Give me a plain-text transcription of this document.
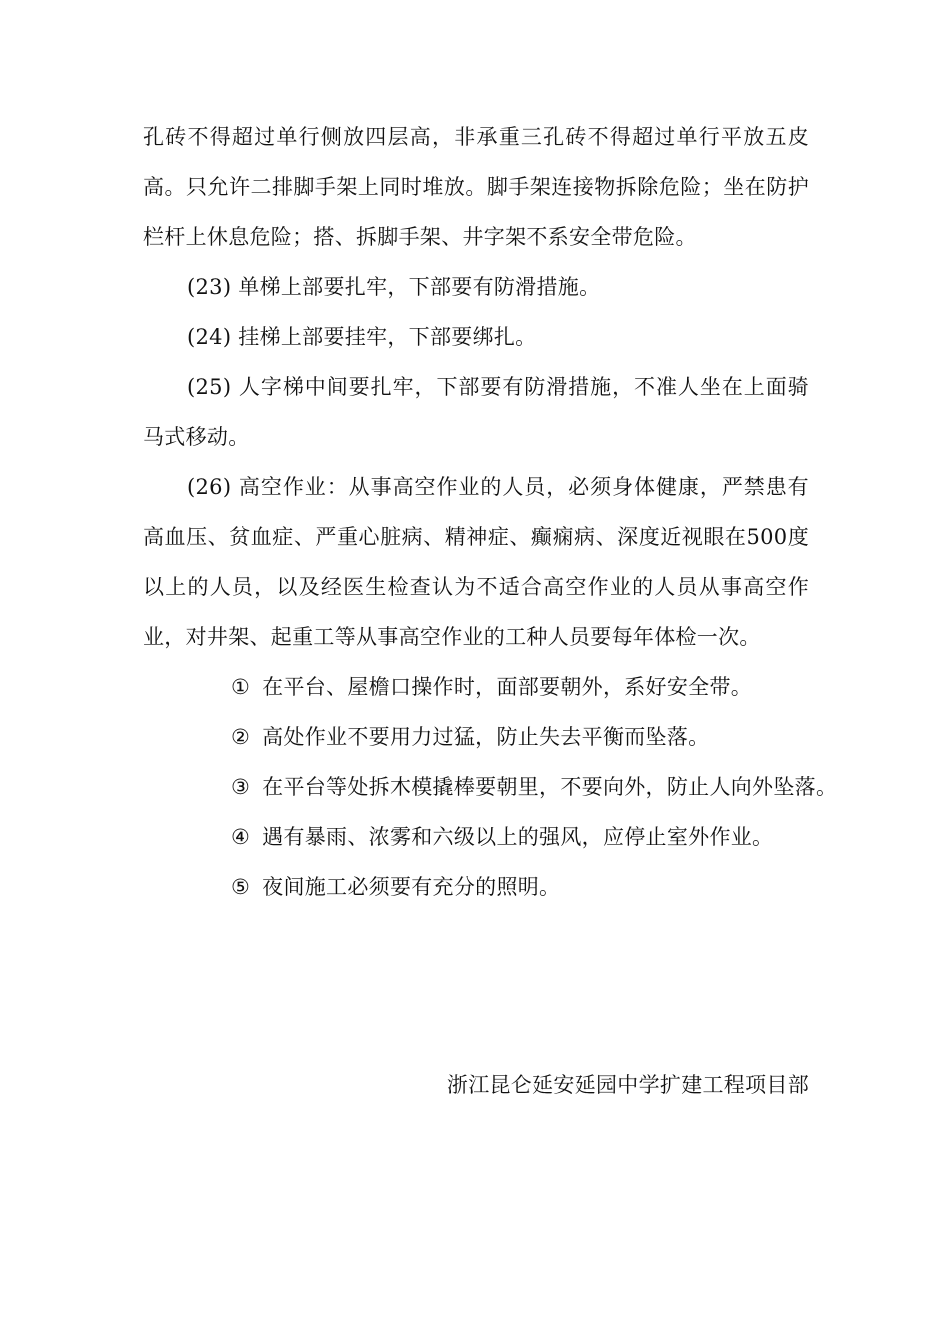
孔砖不得超过单行侧放四层高，非承重三孔砖不得超过单行平放五皮高。只允许二排脚手架上同时堆放。脚手架连接物拆除危险；坐在防护栏杆上休息危险；搭、拆脚手架、井字架不系安全带危险。

(23) 单梯上部要扎牢，下部要有防滑措施。

(24) 挂梯上部要挂牢，下部要绑扎。

(25) 人字梯中间要扎牢，下部要有防滑措施，不准人坐在上面骑马式移动。

(26) 高空作业：从事高空作业的人员，必须身体健康，严禁患有高血压、贫血症、严重心脏病、精神症、癫痫病、深度近视眼在500度以上的人员，以及经医生检查认为不适合高空作业的人员从事高空作业，对井架、起重工等从事高空作业的工种人员要每年体检一次。

① 在平台、屋檐口操作时，面部要朝外，系好安全带。

② 高处作业不要用力过猛，防止失去平衡而坠落。

③ 在平台等处拆木模撬棒要朝里，不要向外，防止人向外坠落。

④ 遇有暴雨、浓雾和六级以上的强风，应停止室外作业。

⑤ 夜间施工必须要有充分的照明。

浙江昆仑延安延园中学扩建工程项目部
